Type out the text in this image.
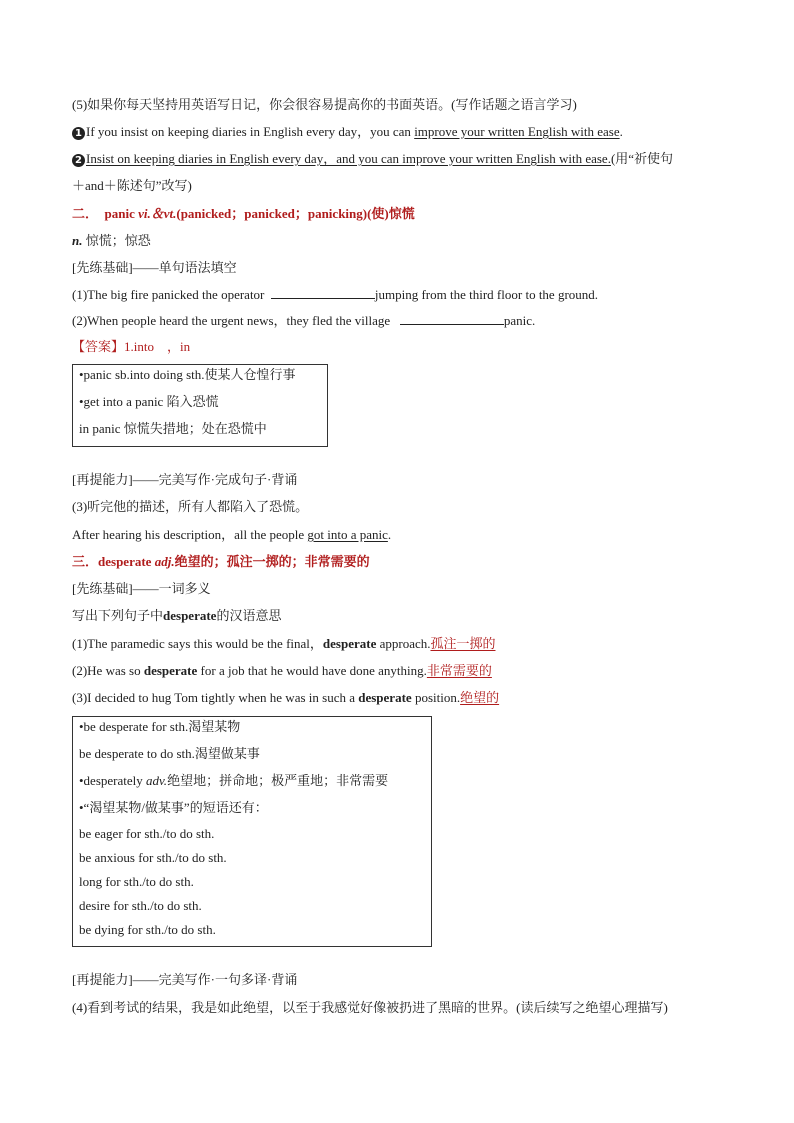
(5)如果你每天坚持用英语写日记，你会很容易提高你的书面英语。(写作话题之语言学习)
1 If you insist on keeping diaries in English every day，you can improve your written English with ease.
2 Insist on keeping diaries in English every day，and you can improve your written English with ease.(用“祈使句
＋and＋陈述句”改写)
二． panic vi.＆vt.(panicked；panicked；panicking)(使)惊慌
n. 惊慌；惊恐
[先练基础]——单句语法填空
(1)The big fire panicked the operator	jumping from the third floor to the ground.
(2)When people heard the urgent news，they fled the village	panic.
【答案】1.into　，in
•panic sb.into doing sth.使某人仓惶行事
•get into a panic 陷入恐慌
in panic 惊慌失措地；处在恐慌中
[再提能力]——完美写作·完成句子·背诵
(3)听完他的描述，所有人都陷入了恐慌。
After hearing his description，all the people got into a panic.
三．desperate adj.绝望的；孤注一掷的；非常需要的
[先练基础]——一词多义
写出下列句子中desperate的汉语意思
(1)The paramedic says this would be the final，desperate approach.孤注一掷的
(2)He was so desperate for a job that he would have done anything.非常需要的
(3)I decided to hug Tom tightly when he was in such a desperate position.绝望的
•be desperate for sth.渴望某物
be desperate to do sth.渴望做某事
•desperately adv.绝望地；拼命地；极严重地；非常需要
•“渴望某物/做某事”的短语还有：
be eager for sth./to do sth.
be anxious for sth./to do sth.
long for sth./to do sth.
desire for sth./to do sth.
be dying for sth./to do sth.
[再提能力]——完美写作·一句多译·背诵
(4)看到考试的结果，我是如此绝望，以至于我感觉好像被扔进了黑暗的世界。(读后续写之绝望心理描写)
